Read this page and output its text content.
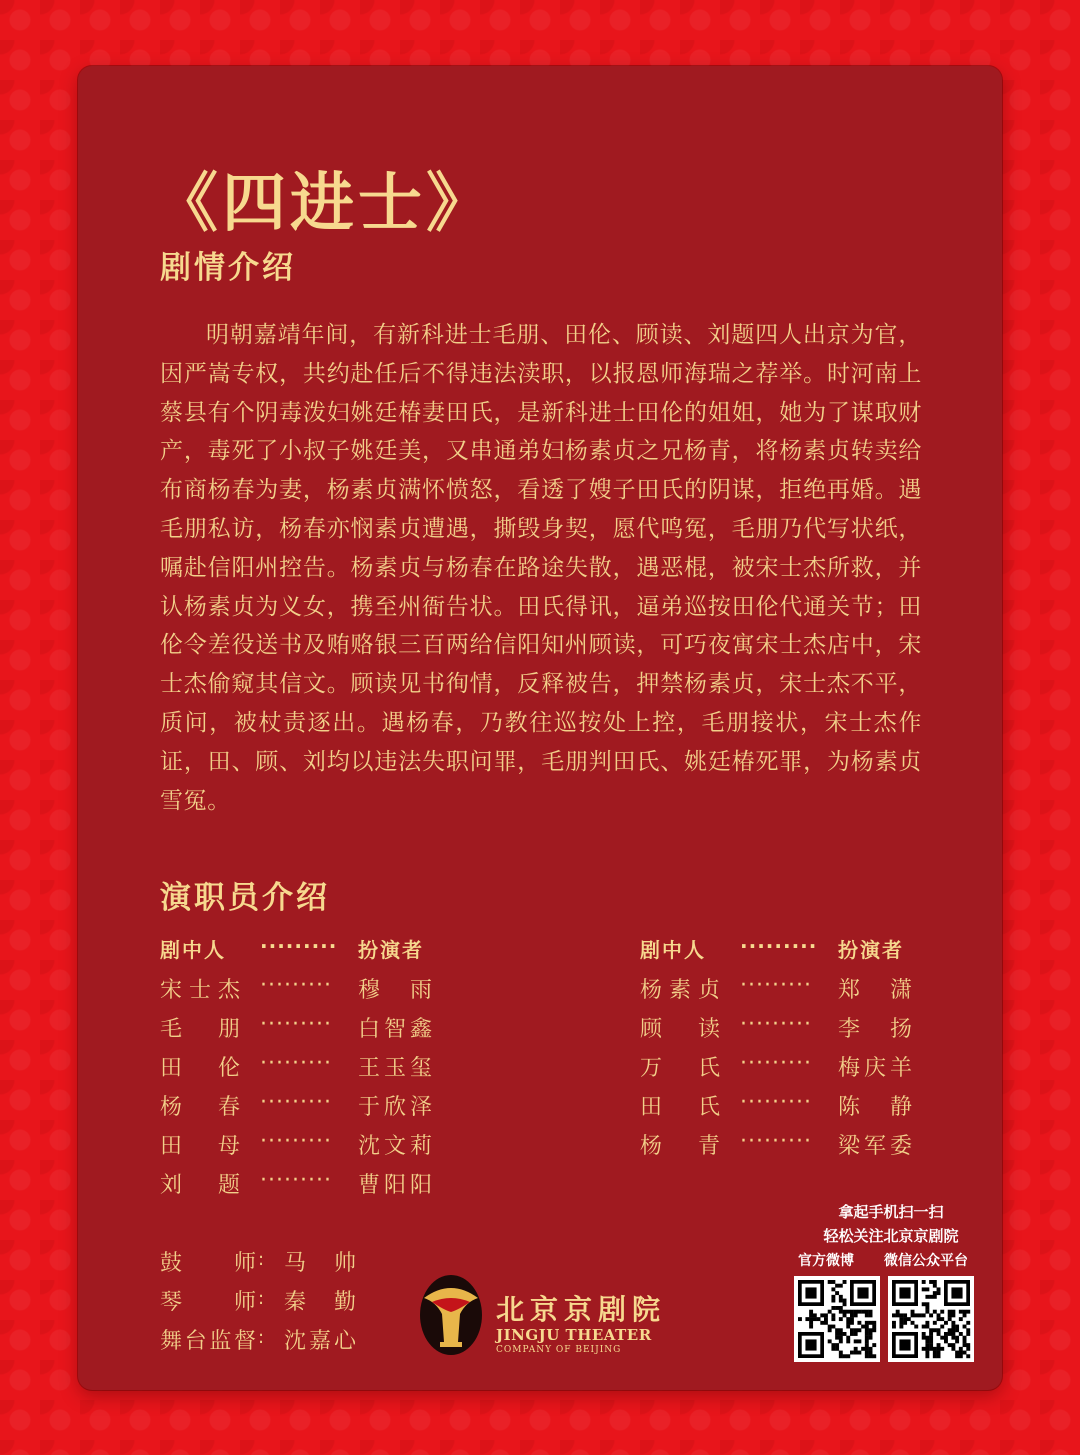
《四进士》
剧情介绍

明朝嘉靖年间，有新科进士毛朋、田伦、顾读、刘题四人出京为官，因严嵩专权，共约赴任后不得违法渎职，以报恩师海瑞之荐举。时河南上蔡县有个阴毒泼妇姚廷椿妻田氏，是新科进士田伦的姐姐，她为了谋取财产，毒死了小叔子姚廷美，又串通弟妇杨素贞之兄杨青，将杨素贞转卖给布商杨春为妻，杨素贞满怀愤怒，看透了嫂子田氏的阴谋，拒绝再婚。遇毛朋私访，杨春亦悯素贞遭遇，撕毁身契，愿代鸣冤，毛朋乃代写状纸，嘱赴信阳州控告。杨素贞与杨春在路途失散，遇恶棍，被宋士杰所救，并认杨素贞为义女，携至州衙告状。田氏得讯，逼弟巡按田伦代通关节；田伦令差役送书及贿赂银三百两给信阳知州顾读，可巧夜寓宋士杰店中，宋士杰偷窥其信文。顾读见书徇情，反释被告，押禁杨素贞，宋士杰不平，质问，被杖责逐出。遇杨春，乃教往巡按处上控，毛朋接状，宋士杰作证，田、顾、刘均以违法失职问罪，毛朋判田氏、姚廷椿死罪，为杨素贞雪冤。

演职员介绍
剧中人	········· 扮演者
宋士杰 ········· 穆雨
毛朋 ········· 白智鑫
田伦 ········· 王玉玺
杨春 ········· 于欣泽
田母 ········· 沈文莉
刘题 ········· 曹阳阳
剧中人	········· 扮演者
杨素贞 ········· 郑潇
顾读 ········· 李扬
万氏 ········· 梅庆羊
田氏 ········· 陈静
杨青 ········· 梁军委
鼓师 : 马帅
琴师 : 秦勤
舞台监督 : 沈嘉心
北京京剧院
JINGJU THEATER
COMPANY OF BEIJING
拿起手机扫一扫
轻松关注北京京剧院
官方微博 微信公众平台
